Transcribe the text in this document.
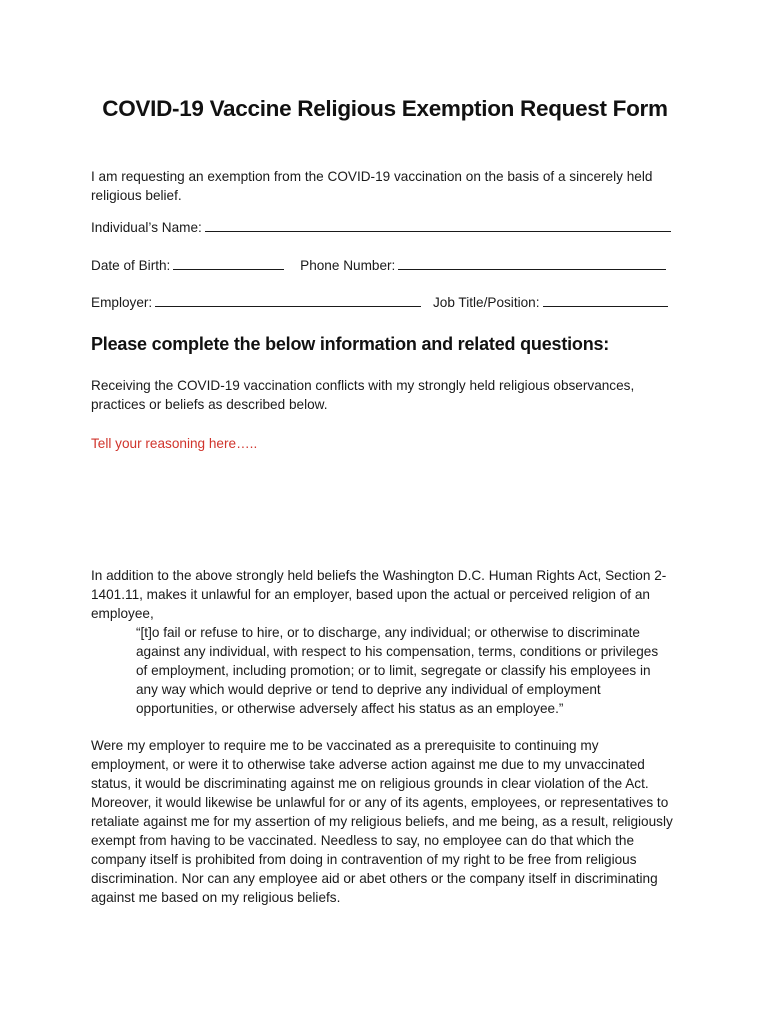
COVID-19 Vaccine Religious Exemption Request Form
I am requesting an exemption from the COVID-19 vaccination on the basis of a sincerely held religious belief.
Individual’s Name:
Date of Birth:	Phone Number:
Employer:	Job Title/Position:
Please complete the below information and related questions:
Receiving the COVID-19 vaccination conflicts with my strongly held religious observances, practices or beliefs as described below.
Tell your reasoning here…..
In addition to the above strongly held beliefs the Washington D.C. Human Rights Act, Section 2-1401.11, makes it unlawful for an employer, based upon the actual or perceived religion of an employee,
“[t]o fail or refuse to hire, or to discharge, any individual; or otherwise to discriminate against any individual, with respect to his compensation, terms, conditions or privileges of employment, including promotion; or to limit, segregate or classify his employees in any way which would deprive or tend to deprive any individual of employment opportunities, or otherwise adversely affect his status as an employee.”
Were my employer to require me to be vaccinated as a prerequisite to continuing my employment, or were it to otherwise take adverse action against me due to my unvaccinated status, it would be discriminating against me on religious grounds in clear violation of the Act. Moreover, it would likewise be unlawful for or any of its agents, employees, or representatives to retaliate against me for my assertion of my religious beliefs, and me being, as a result, religiously exempt from having to be vaccinated. Needless to say, no employee can do that which the company itself is prohibited from doing in contravention of my right to be free from religious discrimination. Nor can any employee aid or abet others or the company itself in discriminating against me based on my religious beliefs.
